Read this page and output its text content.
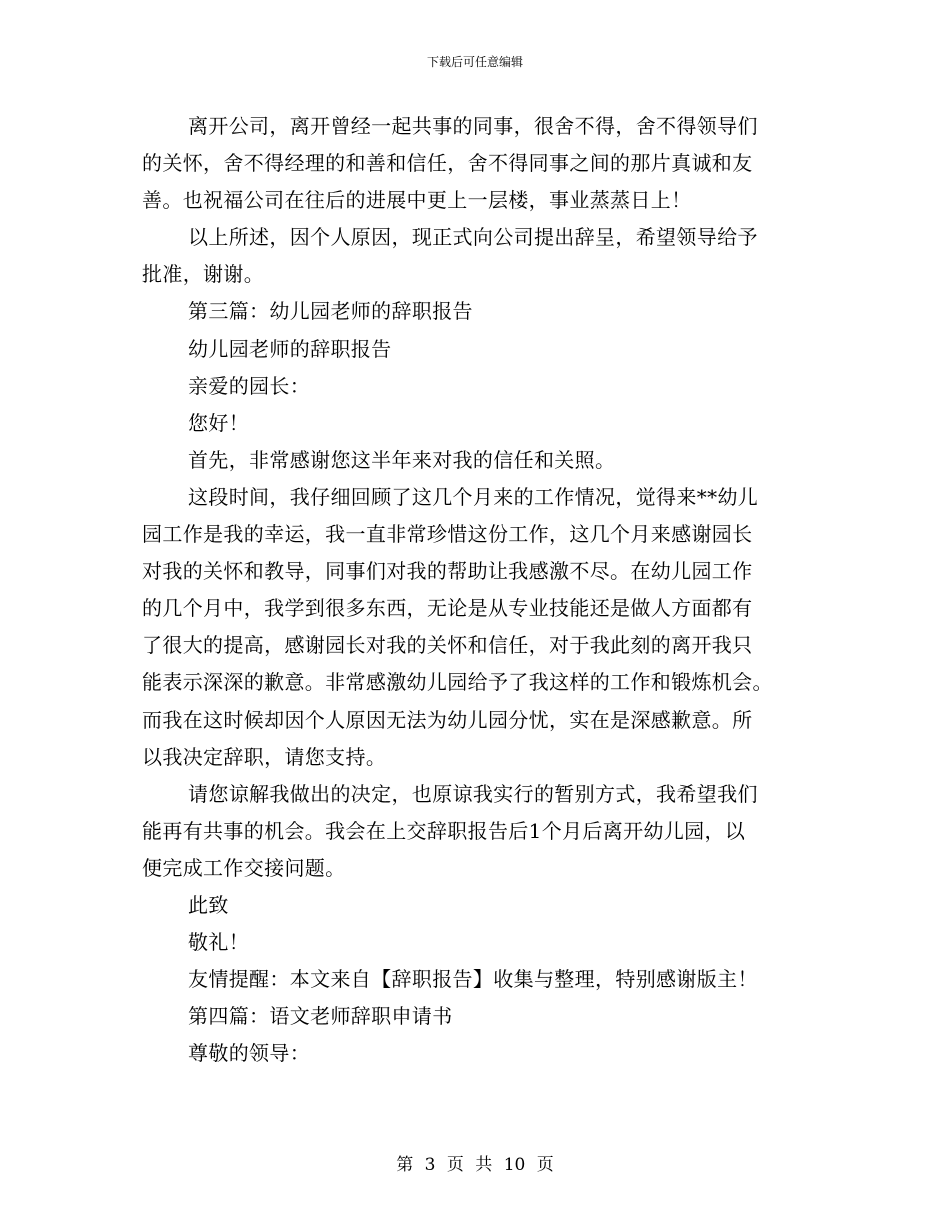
下载后可任意编辑
离开公司，离开曾经一起共事的同事，很舍不得，舍不得领导们
的关怀，舍不得经理的和善和信任，舍不得同事之间的那片真诚和友
善。也祝福公司在往后的进展中更上一层楼，事业蒸蒸日上！
以上所述，因个人原因，现正式向公司提出辞呈，希望领导给予
批准，谢谢。
第三篇：幼儿园老师的辞职报告
幼儿园老师的辞职报告
亲爱的园长：
您好！
首先，非常感谢您这半年来对我的信任和关照。
这段时间，我仔细回顾了这几个月来的工作情况，觉得来**幼儿
园工作是我的幸运，我一直非常珍惜这份工作，这几个月来感谢园长
对我的关怀和教导，同事们对我的帮助让我感激不尽。在幼儿园工作
的几个月中，我学到很多东西，无论是从专业技能还是做人方面都有
了很大的提高，感谢园长对我的关怀和信任，对于我此刻的离开我只
能表示深深的歉意。非常感激幼儿园给予了我这样的工作和锻炼机会。
而我在这时候却因个人原因无法为幼儿园分忧，实在是深感歉意。所
以我决定辞职，请您支持。
请您谅解我做出的决定，也原谅我实行的暂别方式，我希望我们
能再有共事的机会。我会在上交辞职报告后1个月后离开幼儿园，以
便完成工作交接问题。
此致
敬礼！
友情提醒：本文来自【辞职报告】收集与整理，特别感谢版主！
第四篇：语文老师辞职申请书
尊敬的领导：
第 3 页 共 10 页
